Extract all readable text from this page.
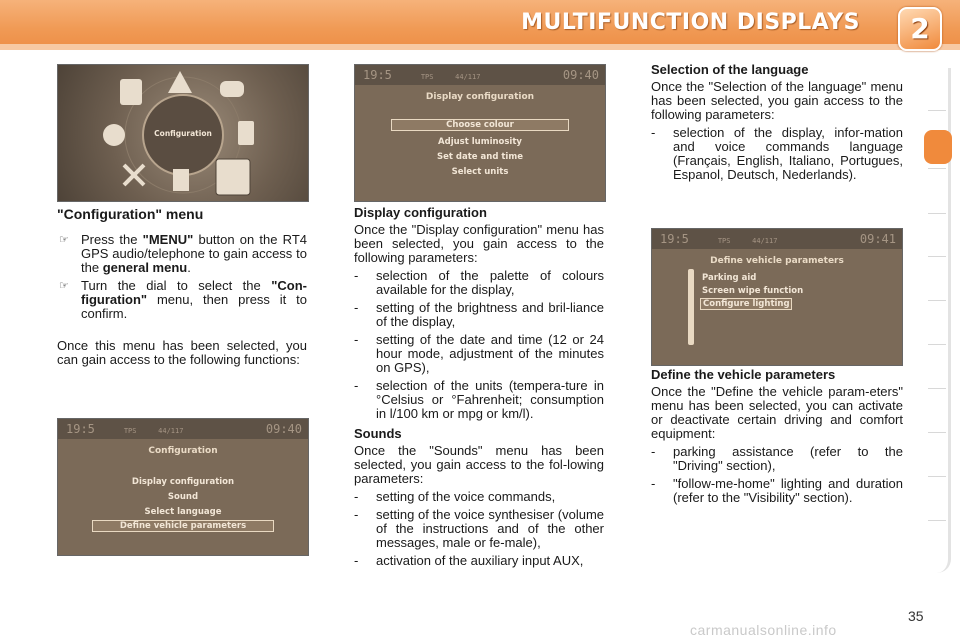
MULTIFUNCTION DISPLAYS	2
Configuration
19:5	TPS	44/117	09:40
Display configuration
Choose colour
Adjust luminosity
Set date and time
Select units
19:5	TPS	44/117	09:40
Configuration
Display configuration
Sound
Select language
Define vehicle parameters
19:5	TPS	44/117	09:41
Define vehicle parameters
Parking aid
Screen wipe function
Configure lighting
"Configuration" menu
☞ Press the "MENU" button on the RT4 GPS audio/telephone to gain access to the general menu.
☞ Turn the dial to select the "Con-figuration" menu, then press it to confirm.
Once this menu has been selected, you can gain access to the following functions:
Display configuration
Once the "Display configuration" menu has been selected, you gain access to the following parameters:
- selection of the palette of colours available for the display,
- setting of the brightness and bril-liance of the display,
- setting of the date and time (12 or 24 hour mode, adjustment of the minutes on GPS),
- selection of the units (tempera-ture in °Celsius or °Fahrenheit; consumption in l/100 km or mpg or km/l).
Sounds
Once the "Sounds" menu has been selected, you gain access to the fol-lowing parameters:
- setting of the voice commands,
- setting of the voice synthesiser (volume of the instructions and of the other messages, male or fe-male),
- activation of the auxiliary input AUX,
Selection of the language
Once the "Selection of the language" menu has been selected, you gain access to the following parameters:
- selection of the display, infor-mation and voice commands language (Français, English, Italiano, Portugues, Espanol, Deutsch, Nederlands).
Define the vehicle parameters
Once the "Define the vehicle param-eters" menu has been selected, you can activate or deactivate certain driving and comfort equipment:
- parking assistance (refer to the "Driving" section),
- "follow-me-home" lighting and duration (refer to the "Visibility" section).
35
carmanualsonline.info
